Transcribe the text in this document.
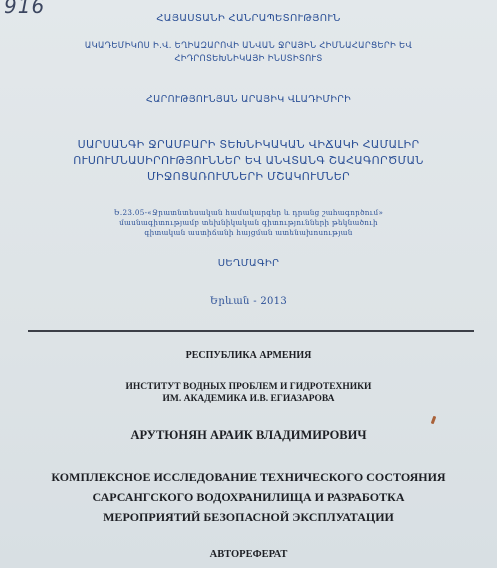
916
ՀԱՅԱՍՏԱՆԻ ՀԱՆՐԱՊԵՏՈՒԹՅՈՒՆ
ԱԿԱԴԵՄԻԿՈՍ Ի.Վ. ԵՂԻԱԶԱՐՈՎԻ ԱՆՎԱՆ ՋՐԱՅԻՆ ՀԻՄՆԱՀԱՐՑԵՐԻ ԵՎ
ՀԻԴՐՈՏԵԽՆԻԿԱՅԻ ԻՆՍՏԻՏՈՒՏ
ՀԱՐՈՒԹՅՈՒՆՅԱՆ ԱՐԱՅԻԿ ՎԼԱԴԻՄԻՐԻ
ՍԱՐՍԱՆԳԻ ՋՐԱՄԲԱՐԻ ՏԵԽՆԻԿԱԿԱՆ ՎԻՃԱԿԻ ՀԱՄԱԼԻՐ
ՈՒՍՈՒՄՆԱՍԻՐՈՒԹՅՈՒՆՆԵՐ ԵՎ ԱՆՎՏԱՆԳ ՇԱՀԱԳՈՐԾՄԱՆ
ՄԻՋՈՑԱՌՈՒՄՆԵՐԻ ՄՇԱԿՈՒՄՆԵՐ
Ե.23.05-«Ջրատնտեսական համակարգեր և դրանց շահագործում»
մասնագիտությամբ տեխնիկական գիտությունների թեկնածուի
գիտական աստիճանի հայցման ատենախոսության
ՍԵՂՄԱԳԻՐ
Երևան - 2013
РЕСПУБЛИКА АРМЕНИЯ
ИНСТИТУТ ВОДНЫХ ПРОБЛЕМ И ГИДРОТЕХНИКИ
ИМ. АКАДЕМИКА И.В. ЕГИАЗАРОВА
АРУТЮНЯН АРАИК ВЛАДИМИРОВИЧ
КОМПЛЕКСНОЕ ИССЛЕДОВАНИЕ ТЕХНИЧЕСКОГО СОСТОЯНИЯ
САРСАНГСКОГО ВОДОХРАНИЛИЩА И РАЗРАБОТКА
МЕРОПРИЯТИЙ БЕЗОПАСНОЙ ЭКСПЛУАТАЦИИ
АВТОРЕФЕРАТ
